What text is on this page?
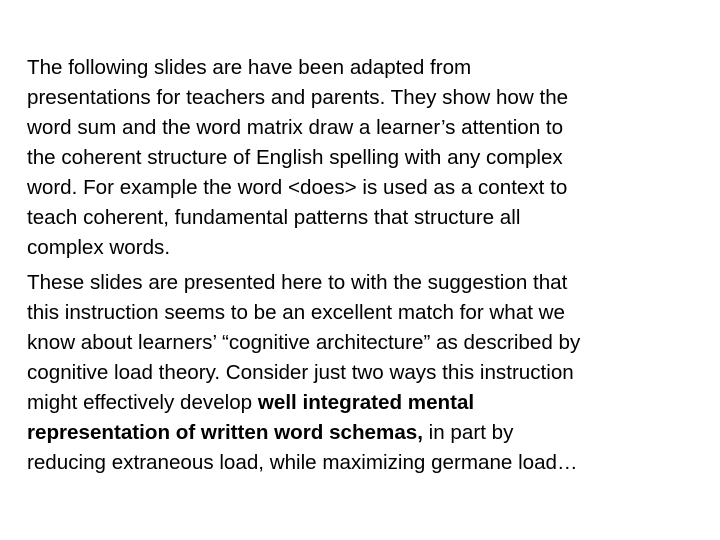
The following slides are have been adapted from
presentations for teachers and parents. They show how the
word sum and the word matrix draw a learner’s attention to
the coherent structure of English spelling with any complex
word. For example the word <does> is used as a context to
teach coherent, fundamental patterns that structure all
complex words.

These slides are presented here to with the suggestion that
this instruction seems to be an excellent match for what we
know about learners’ “cognitive architecture” as described by
cognitive load theory. Consider just two ways this instruction
might effectively develop well integrated mental
representation of written word schemas, in part by
reducing extraneous load, while maximizing germane load…
